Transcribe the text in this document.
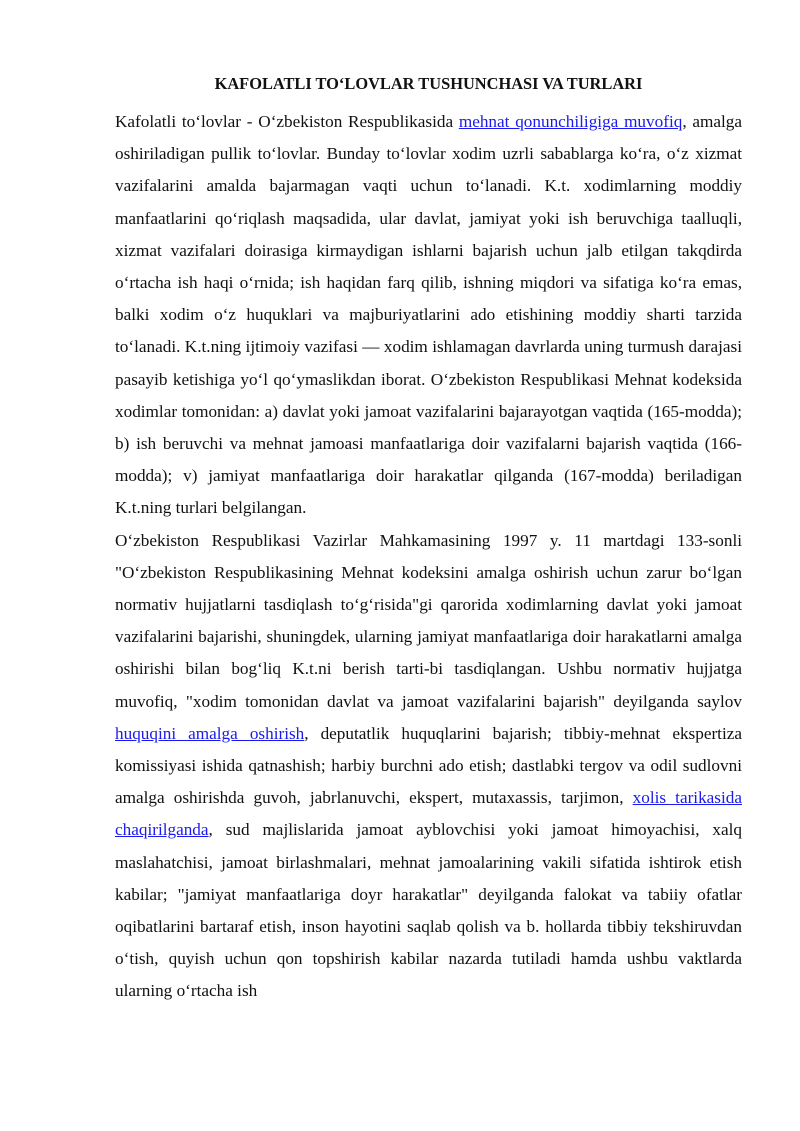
KAFOLATLI TO‘LOVLAR TUSHUNCHASI VA TURLARI

Kafolatli to‘lovlar - O‘zbekiston Respublikasida mehnat qonunchiligiga muvofiq, amalga oshiriladigan pullik to‘lovlar. Bunday to‘lovlar xodim uzrli sabablarga ko‘ra, o‘z xizmat vazifalarini amalda bajarmagan vaqti uchun to‘lanadi. K.t. xodimlarning moddiy manfaatlarini qo‘riqlash maqsadida, ular davlat, jamiyat yoki ish beruvchiga taalluqli, xizmat vazifalari doirasiga kirmaydigan ishlarni bajarish uchun jalb etilgan takqdirda o‘rtacha ish haqi o‘rnida; ish haqidan farq qilib, ishning miqdori va sifatiga ko‘ra emas, balki xodim o‘z huquklari va majburiyatlarini ado etishining moddiy sharti tarzida to‘lanadi. K.t.ning ijtimoiy vazifasi — xodim ishlamagan davrlarda uning turmush darajasi pasayib ketishiga yo‘l qo‘ymaslikdan iborat. O‘zbekiston Respublikasi Mehnat kodeksida xodimlar tomonidan: a) davlat yoki jamoat vazifalarini bajarayotgan vaqtida (165-modda); b) ish beruvchi va mehnat jamoasi manfaatlariga doir vazifalarni bajarish vaqtida (166-modda); v) jamiyat manfaatlariga doir harakatlar qilganda (167-modda) beriladigan K.t.ning turlari belgilangan.

O‘zbekiston Respublikasi Vazirlar Mahkamasining 1997 y. 11 martdagi 133-sonli "O‘zbekiston Respublikasining Mehnat kodeksini amalga oshirish uchun zarur bo‘lgan normativ hujjatlarni tasdiqlash to‘g‘risida"gi qarorida xodimlarning davlat yoki jamoat vazifalarini bajarishi, shuningdek, ularning jamiyat manfaatlariga doir harakatlarni amalga oshirishi bilan bog‘liq K.t.ni berish tarti-bi tasdiqlangan. Ushbu normativ hujjatga muvofiq, "xodim tomonidan davlat va jamoat vazifalarini bajarish" deyilganda saylov huquqini amalga oshirish, deputatlik huquqlarini bajarish; tibbiy-mehnat ekspertiza komissiyasi ishida qatnashish; harbiy burchni ado etish; dastlabki tergov va odil sudlovni amalga oshirishda guvoh, jabrlanuvchi, ekspert, mutaxassis, tarjimon, xolis tarikasida chaqirilganda, sud majlislarida jamoat ayblovchisi yoki jamoat himoyachisi, xalq maslahatchisi, jamoat birlashmalari, mehnat jamoalarining vakili sifatida ishtirok etish kabilar; "jamiyat manfaatlariga doyr harakatlar" deyilganda falokat va tabiiy ofatlar oqibatlarini bartaraf etish, inson hayotini saqlab qolish va b. hollarda tibbiy tekshiruvdan o‘tish, quyish uchun qon topshirish kabilar nazarda tutiladi hamda ushbu vaktlarda ularning o‘rtacha ish
